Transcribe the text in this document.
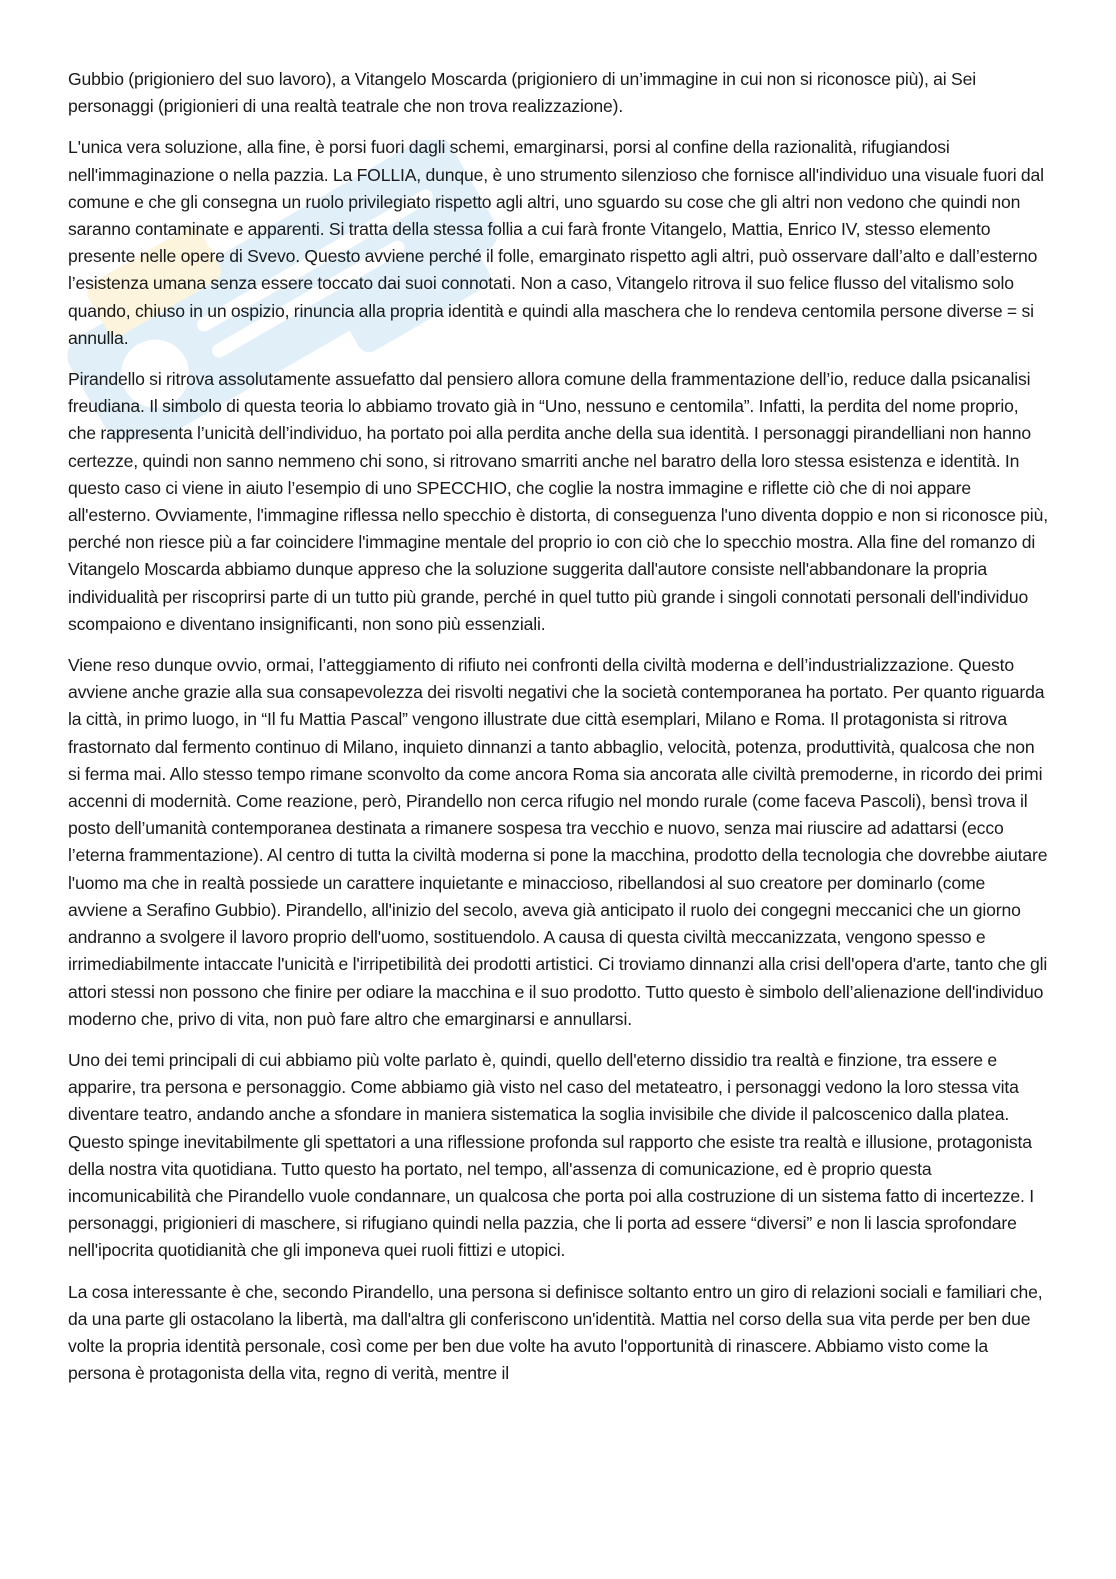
Gubbio (prigioniero del suo lavoro), a Vitangelo Moscarda (prigioniero di un’immagine in cui non si riconosce più), ai Sei personaggi (prigionieri di una realtà teatrale che non trova realizzazione).

L'unica vera soluzione, alla fine, è porsi fuori dagli schemi, emarginarsi, porsi al confine della razionalità, rifugiandosi nell'immaginazione o nella pazzia. La FOLLIA, dunque, è uno strumento silenzioso che fornisce all'individuo una visuale fuori dal comune e che gli consegna un ruolo privilegiato rispetto agli altri, uno sguardo su cose che gli altri non vedono che quindi non saranno contaminate e apparenti. Si tratta della stessa follia a cui farà fronte Vitangelo, Mattia, Enrico IV, stesso elemento presente nelle opere di Svevo. Questo avviene perché il folle, emarginato rispetto agli altri, può osservare dall’alto e dall’esterno l’esistenza umana senza essere toccato dai suoi connotati. Non a caso, Vitangelo ritrova il suo felice flusso del vitalismo solo quando, chiuso in un ospizio, rinuncia alla propria identità e quindi alla maschera che lo rendeva centomila persone diverse = si annulla.

Pirandello si ritrova assolutamente assuefatto dal pensiero allora comune della frammentazione dell’io, reduce dalla psicanalisi freudiana. Il simbolo di questa teoria lo abbiamo trovato già in “Uno, nessuno e centomila”. Infatti, la perdita del nome proprio, che rappresenta l’unicità dell’individuo, ha portato poi alla perdita anche della sua identità. I personaggi pirandelliani non hanno certezze, quindi non sanno nemmeno chi sono, si ritrovano smarriti anche nel baratro della loro stessa esistenza e identità. In questo caso ci viene in aiuto l’esempio di uno SPECCHIO, che coglie la nostra immagine e riflette ciò che di noi appare all'esterno. Ovviamente, l'immagine riflessa nello specchio è distorta, di conseguenza l'uno diventa doppio e non si riconosce più, perché non riesce più a far coincidere l'immagine mentale del proprio io con ciò che lo specchio mostra. Alla fine del romanzo di Vitangelo Moscarda abbiamo dunque appreso che la soluzione suggerita dall'autore consiste nell'abbandonare la propria individualità per riscoprirsi parte di un tutto più grande, perché in quel tutto più grande i singoli connotati personali dell'individuo scompaiono e diventano insignificanti, non sono più essenziali.

Viene reso dunque ovvio, ormai, l’atteggiamento di rifiuto nei confronti della civiltà moderna e dell’industrializzazione. Questo avviene anche grazie alla sua consapevolezza dei risvolti negativi che la società contemporanea ha portato. Per quanto riguarda la città, in primo luogo, in “Il fu Mattia Pascal” vengono illustrate due città esemplari, Milano e Roma. Il protagonista si ritrova frastornato dal fermento continuo di Milano, inquieto dinnanzi a tanto abbaglio, velocità, potenza, produttività, qualcosa che non si ferma mai. Allo stesso tempo rimane sconvolto da come ancora Roma sia ancorata alle civiltà premoderne, in ricordo dei primi accenni di modernità. Come reazione, però, Pirandello non cerca rifugio nel mondo rurale (come faceva Pascoli), bensì trova il posto dell’umanità contemporanea destinata a rimanere sospesa tra vecchio e nuovo, senza mai riuscire ad adattarsi (ecco l’eterna frammentazione). Al centro di tutta la civiltà moderna si pone la macchina, prodotto della tecnologia che dovrebbe aiutare l'uomo ma che in realtà possiede un carattere inquietante e minaccioso, ribellandosi al suo creatore per dominarlo (come avviene a Serafino Gubbio). Pirandello, all'inizio del secolo, aveva già anticipato il ruolo dei congegni meccanici che un giorno andranno a svolgere il lavoro proprio dell'uomo, sostituendolo. A causa di questa civiltà meccanizzata, vengono spesso e irrimediabilmente intaccate l'unicità e l'irripetibilità dei prodotti artistici. Ci troviamo dinnanzi alla crisi dell'opera d'arte, tanto che gli attori stessi non possono che finire per odiare la macchina e il suo prodotto. Tutto questo è simbolo dell’alienazione dell'individuo moderno che, privo di vita, non può fare altro che emarginarsi e annullarsi.

Uno dei temi principali di cui abbiamo più volte parlato è, quindi, quello dell'eterno dissidio tra realtà e finzione, tra essere e apparire, tra persona e personaggio. Come abbiamo già visto nel caso del metateatro, i personaggi vedono la loro stessa vita diventare teatro, andando anche a sfondare in maniera sistematica la soglia invisibile che divide il palcoscenico dalla platea. Questo spinge inevitabilmente gli spettatori a una riflessione profonda sul rapporto che esiste tra realtà e illusione, protagonista della nostra vita quotidiana. Tutto questo ha portato, nel tempo, all'assenza di comunicazione, ed è proprio questa incomunicabilità che Pirandello vuole condannare, un qualcosa che porta poi alla costruzione di un sistema fatto di incertezze. I personaggi, prigionieri di maschere, si rifugiano quindi nella pazzia, che li porta ad essere “diversi” e non li lascia sprofondare nell'ipocrita quotidianità che gli imponeva quei ruoli fittizi e utopici.

La cosa interessante è che, secondo Pirandello, una persona si definisce soltanto entro un giro di relazioni sociali e familiari che, da una parte gli ostacolano la libertà, ma dall'altra gli conferiscono un'identità. Mattia nel corso della sua vita perde per ben due volte la propria identità personale, così come per ben due volte ha avuto l'opportunità di rinascere. Abbiamo visto come la persona è protagonista della vita, regno di verità, mentre il
